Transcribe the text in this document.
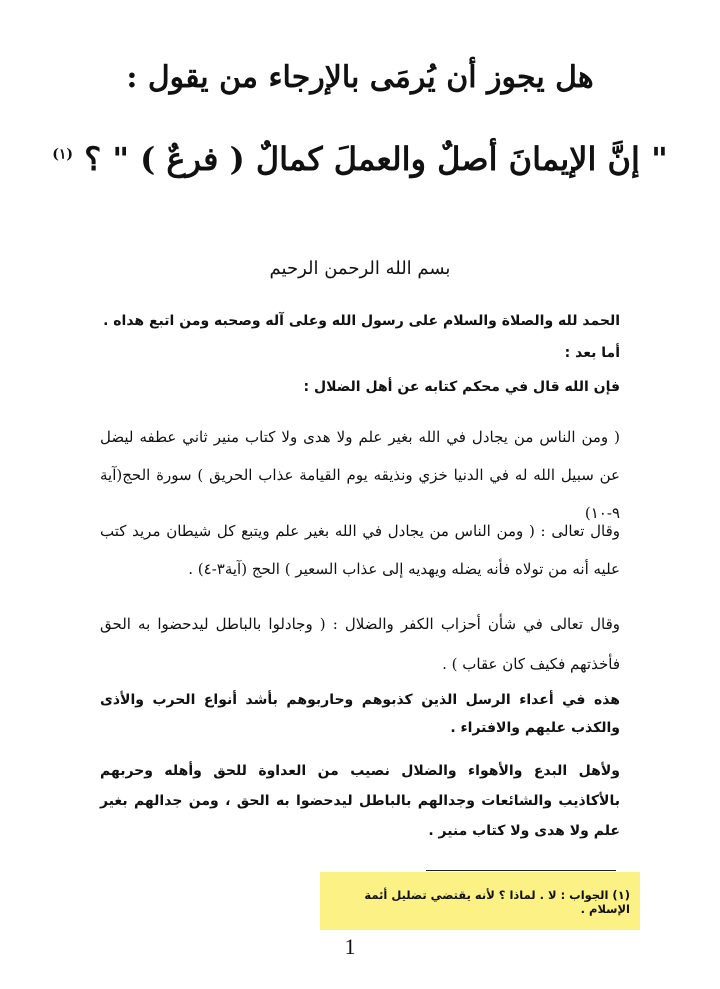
هل يجوز أن يُرمَى بالإرجاء من يقول :
" إنَّ الإيمانَ أصلٌ والعملَ كمالٌ ( فرعٌ ) " ؟ $^{(١)}$
بسم الله الرحمن الرحيم
الحمد لله والصلاة والسلام على رسول الله وعلى آله وصحبه ومن اتبع هداه .
أما بعد :
فإن الله قال في محكم كتابه عن أهل الضلال :
( ومن الناس من يجادل في الله بغير علم ولا هدى ولا كتاب منير ثاني عطفه ليضل عن سبيل الله له في الدنيا خزي ونذيقه يوم القيامة عذاب الحريق ) سورة الحج(آية ٩-١٠)
وقال تعالى : ( ومن الناس من يجادل في الله بغير علم ويتبع كل شيطان مريد كتب عليه أنه من تولاه فأنه يضله ويهديه إلى عذاب السعير ) الحج (آية٣-٤) .
وقال تعالى في شأن أحزاب الكفر والضلال : ( وجادلوا بالباطل ليدحضوا به الحق فأخذتهم فكيف كان عقاب ) .
هذه في أعداء الرسل الذين كذبوهم وحاربوهم بأشد أنواع الحرب والأذى والكذب عليهم والافتراء .
ولأهل البدع والأهواء والضلال نصيب من العداوة للحق وأهله وحربهم بالأكاذيب والشائعات وجدالهم بالباطل ليدحضوا به الحق ، ومن جدالهم بغير علم ولا هدى ولا كتاب منير .
(١) الجواب : لا . لماذا ؟ لأنه يقتضي تضليل أئمة الإسلام .
1
